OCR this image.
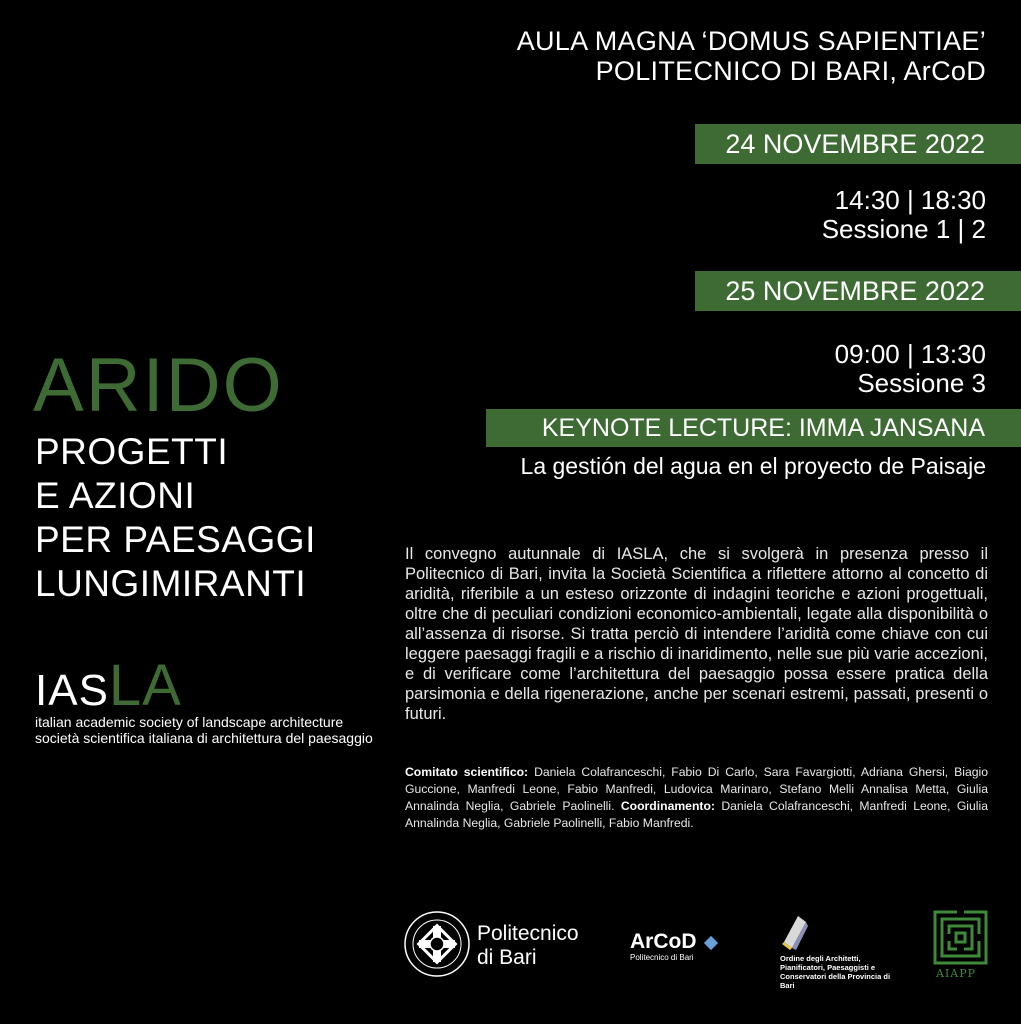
AULA MAGNA ‘DOMUS SAPIENTIAE’
POLITECNICO DI BARI, ArCoD
24 NOVEMBRE 2022
14:30 | 18:30
Sessione 1 | 2
25 NOVEMBRE 2022
09:00 | 13:30
Sessione 3
KEYNOTE LECTURE: IMMA JANSANA
La gestión del agua en el proyecto de Paisaje
ARIDO
PROGETTI
E AZIONI
PER PAESAGGI
LUNGIMIRANTI
IAS LA
italian academic society of landscape architecture
società scientifica italiana di architettura del paesaggio
Il convegno autunnale di IASLA, che si svolgerà in presenza presso il Politecnico di Bari, invita la Società Scientifica a riflettere attorno al concetto di aridità, riferibile a un esteso orizzonte di indagini teoriche e azioni progettuali, oltre che di peculiari condizioni economico-ambientali, legate alla disponibilità o all’assenza di risorse. Si tratta perciò di intendere l’aridità come chiave con cui leggere paesaggi fragili e a rischio di inaridimento, nelle sue più varie accezioni, e di verificare come l’architettura del paesaggio possa essere pratica della parsimonia e della rigenerazione, anche per scenari estremi, passati, presenti o futuri.
Comitato scientifico: Daniela Colafranceschi, Fabio Di Carlo, Sara Favargiotti, Adriana Ghersi, Biagio Guccione, Manfredi Leone, Fabio Manfredi, Ludovica Marinaro, Stefano Melli Annalisa Metta, Giulia Annalinda Neglia, Gabriele Paolinelli. Coordinamento: Daniela Colafranceschi, Manfredi Leone, Giulia Annalinda Neglia, Gabriele Paolinelli, Fabio Manfredi.
Politecnico
di Bari
ArCoD
Politecnico di Bari	Ordine degli Architetti,
Pianificatori, Paesaggisti e
Conservatori della Provincia di Bari
AIAPP
